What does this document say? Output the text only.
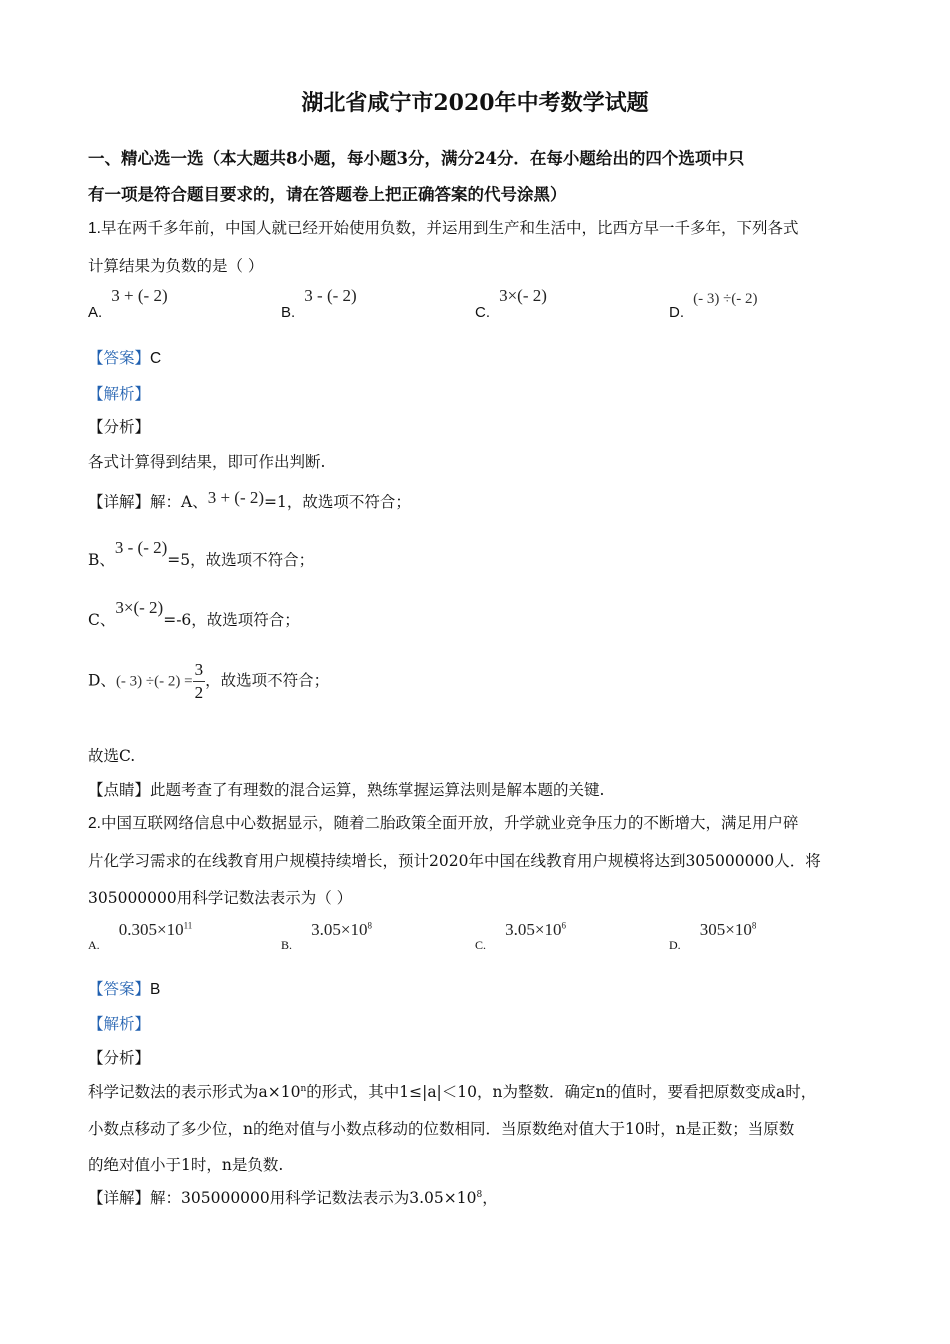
湖北省咸宁市2020年中考数学试题
一、精心选一选（本大题共8小题，每小题3分，满分24分．在每小题给出的四个选项中只
有一项是符合题目要求的，请在答题卷上把正确答案的代号涂黑）
1.早在两千多年前，中国人就已经开始使用负数，并运用到生产和生活中，比西方早一千多年，下列各式
计算结果为负数的是（ ）
A. 3 + (- 2)
B. 3 - (- 2)
C. 3×(- 2)
D. (- 3) ÷(- 2)
【答案】C
【解析】
【分析】
各式计算得到结果，即可作出判断.
【详解】解：A、3 + (- 2)=1，故选项不符合；
B、3 - (- 2)=5，故选项不符合；
C、3×(- 2)=-6，故选项符合；
D、(- 3) ÷(- $2) = \frac{3}{2}$ ，故选项不符合；
故选C.
【点睛】此题考查了有理数的混合运算，熟练掌握运算法则是解本题的关键.
2.中国互联网络信息中心数据显示，随着二胎政策全面开放，升学就业竞争压力的不断增大，满足用户碎
片化学习需求的在线教育用户规模持续增长，预计2020年中国在线教育用户规模将达到305000000人．将
305000000用科学记数法表示为（ ）
$_{A.}$ $0.305\times 10^{11}$
$_{B.}$ $3.05\times 10^8$
$_{C.}$ $3.05\times 10^6$
$_{D.}$ $305\times 10^8$
【答案】B
【解析】
【分析】
科学记数法的表示形式为$a\times 10^n$的形式，其中1≤|a|＜10，n为整数．确定n的值时，要看把原数变成a时，
小数点移动了多少位，n的绝对值与小数点移动的位数相同．当原数绝对值大于10时，n是正数；当原数
的绝对值小于1时，n是负数.
【详解】解：305000000用科学记数法表示为$3.05\times 10^8$，
